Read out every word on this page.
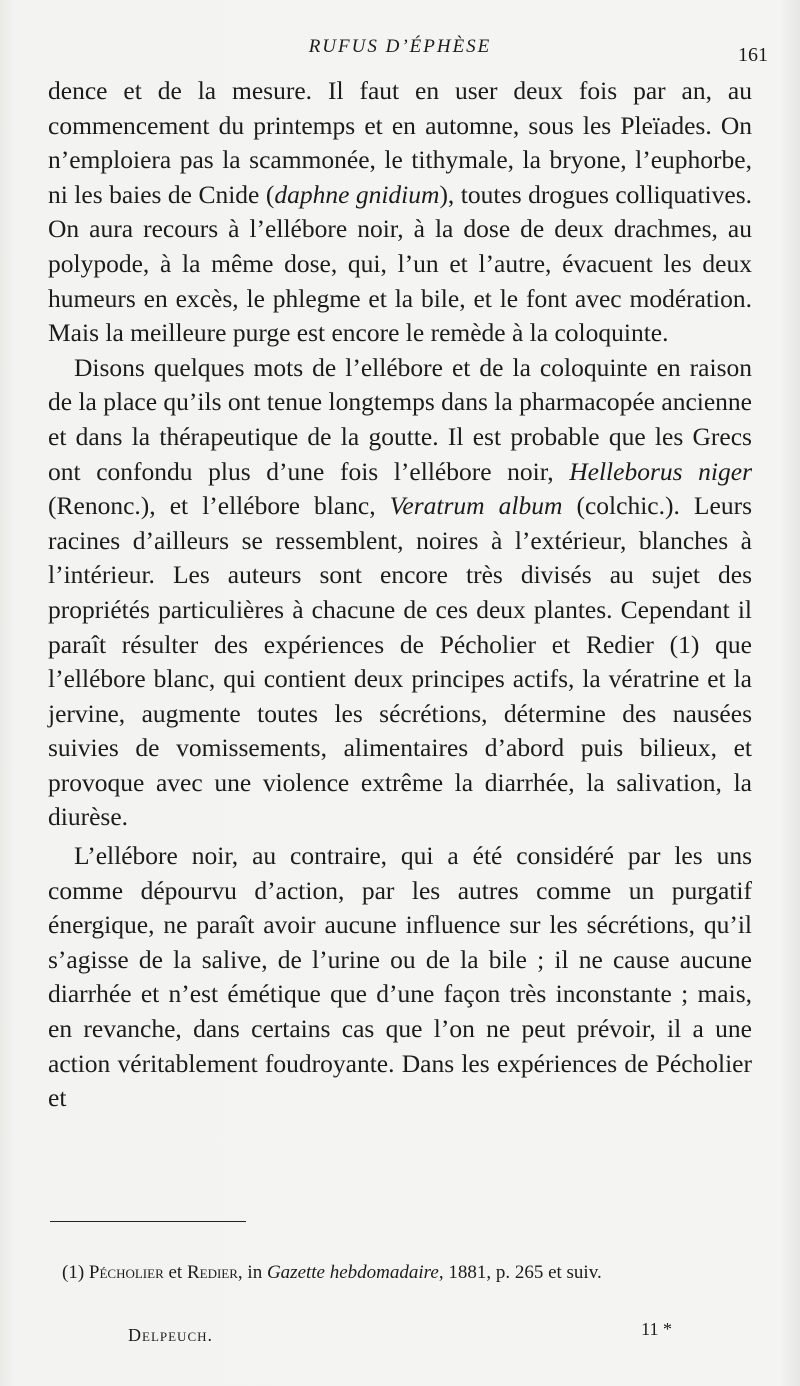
RUFUS D’ÉPHÈSE	161

dence et de la mesure. Il faut en user deux fois par an, au commencement du printemps et en automne, sous les Pleïades. On n’emploiera pas la scammonée, le tithymale, la bryone, l’euphorbe, ni les baies de Cnide (daphne gnidium), toutes drogues colliquatives. On aura recours à l’ellébore noir, à la dose de deux drachmes, au polypode, à la même dose, qui, l’un et l’autre, évacuent les deux humeurs en excès, le phlegme et la bile, et le font avec modération. Mais la meilleure purge est encore le remède à la coloquinte.

Disons quelques mots de l’ellébore et de la coloquinte en raison de la place qu’ils ont tenue longtemps dans la pharmacopée ancienne et dans la thérapeutique de la goutte. Il est probable que les Grecs ont confondu plus d’une fois l’ellébore noir, Helleborus niger (Renonc.), et l’ellébore blanc, Veratrum album (colchic.). Leurs racines d’ailleurs se ressemblent, noires à l’extérieur, blanches à l’intérieur. Les auteurs sont encore très divisés au sujet des propriétés particulières à chacune de ces deux plantes. Cependant il paraît résulter des expériences de Pécholier et Redier (1) que l’ellébore blanc, qui contient deux principes actifs, la vératrine et la jervine, augmente toutes les sécrétions, détermine des nausées suivies de vomissements, alimentaires d’abord puis bilieux, et provoque avec une violence extrême la diarrhée, la salivation, la diurèse.

L’ellébore noir, au contraire, qui a été considéré par les uns comme dépourvu d’action, par les autres comme un purgatif énergique, ne paraît avoir aucune influence sur les sécrétions, qu’il s’agisse de la salive, de l’urine ou de la bile ; il ne cause aucune diarrhée et n’est émétique que d’une façon très inconstante ; mais, en revanche, dans certains cas que l’on ne peut prévoir, il a une action véritablement foudroyante. Dans les expériences de Pécholier et

(1) Pécholier et Redier, in Gazette hebdomadaire, 1881, p. 265 et suiv.

Delpeuch.	11 *
